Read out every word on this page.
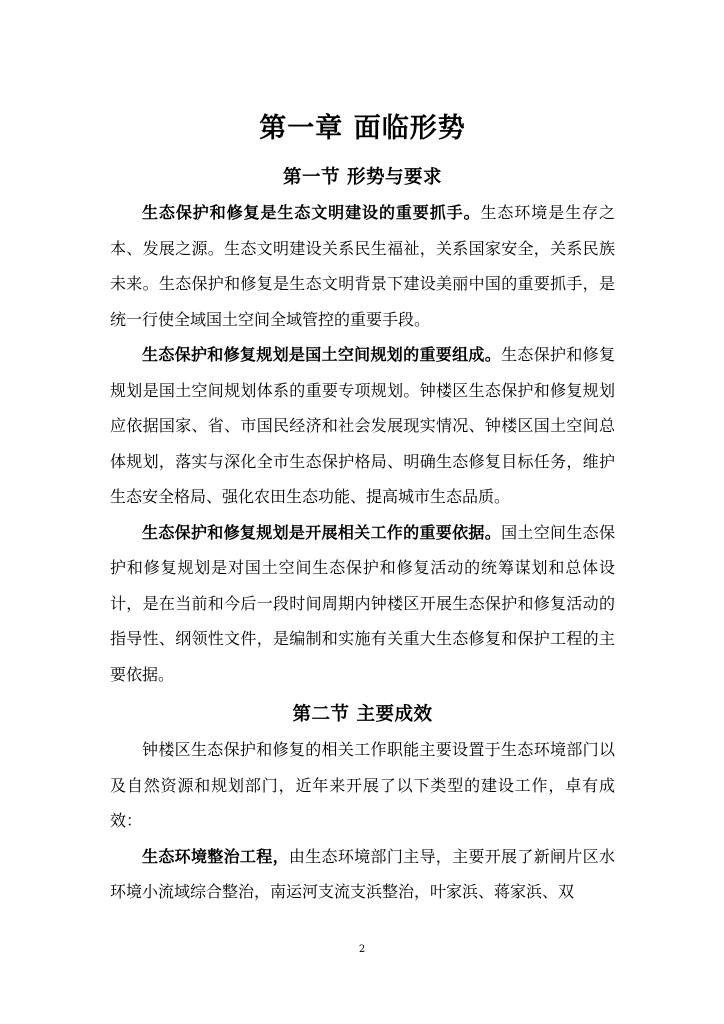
第一章 面临形势
第一节 形势与要求

生态保护和修复是生态文明建设的重要抓手。生态环境是生存之本、发展之源。生态文明建设关系民生福祉，关系国家安全，关系民族未来。生态保护和修复是生态文明背景下建设美丽中国的重要抓手，是统一行使全域国土空间全域管控的重要手段。

生态保护和修复规划是国土空间规划的重要组成。生态保护和修复规划是国土空间规划体系的重要专项规划。钟楼区生态保护和修复规划应依据国家、省、市国民经济和社会发展现实情况、钟楼区国土空间总体规划，落实与深化全市生态保护格局、明确生态修复目标任务，维护生态安全格局、强化农田生态功能、提高城市生态品质。

生态保护和修复规划是开展相关工作的重要依据。国土空间生态保护和修复规划是对国土空间生态保护和修复活动的统筹谋划和总体设计，是在当前和今后一段时间周期内钟楼区开展生态保护和修复活动的指导性、纲领性文件，是编制和实施有关重大生态修复和保护工程的主要依据。

第二节 主要成效

钟楼区生态保护和修复的相关工作职能主要设置于生态环境部门以及自然资源和规划部门，近年来开展了以下类型的建设工作，卓有成效：

生态环境整治工程，由生态环境部门主导，主要开展了新闸片区水环境小流域综合整治，南运河支流支浜整治，叶家浜、蒋家浜、双

2
